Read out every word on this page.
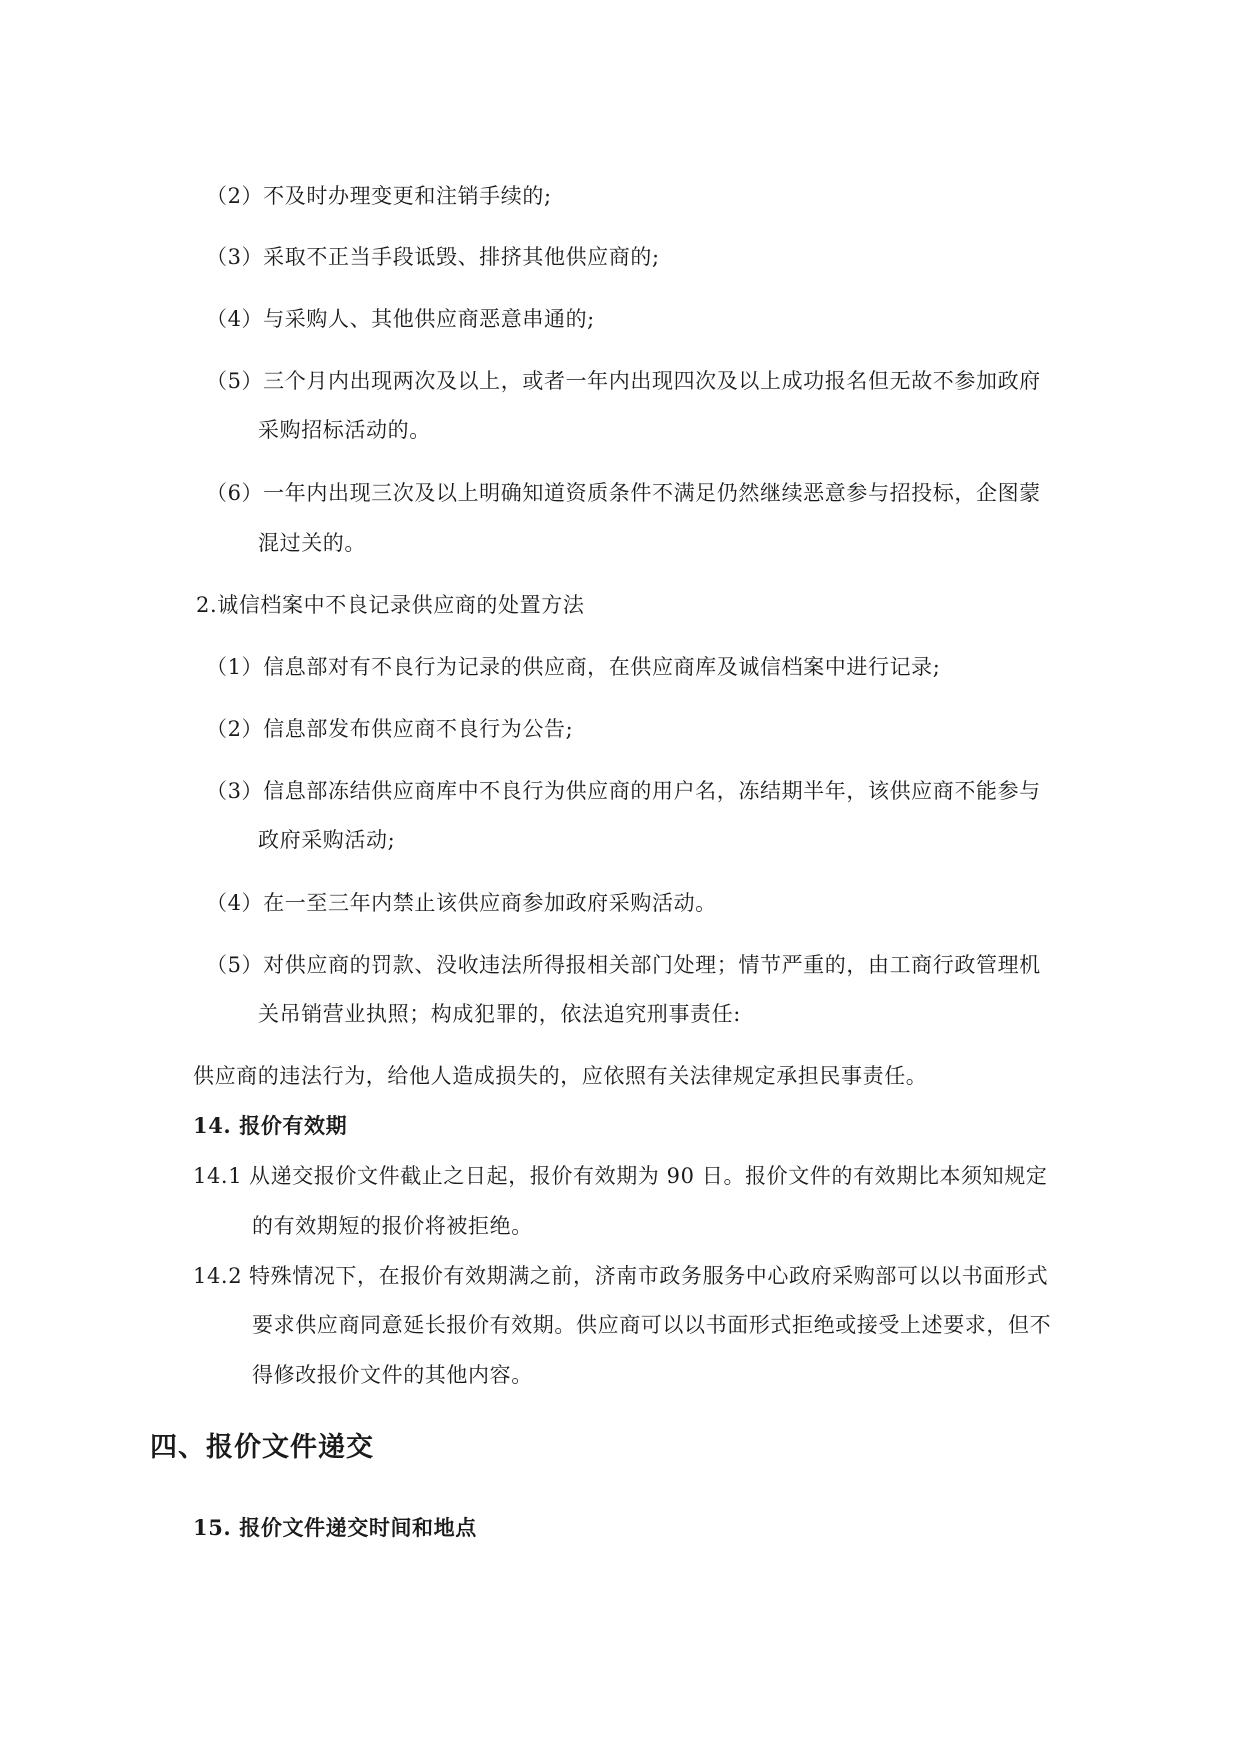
（2）不及时办理变更和注销手续的;
（3）采取不正当手段诋毁、排挤其他供应商的;
（4）与采购人、其他供应商恶意串通的;
（5）三个月内出现两次及以上，或者一年内出现四次及以上成功报名但无故不参加政府
采购招标活动的。
（6）一年内出现三次及以上明确知道资质条件不满足仍然继续恶意参与招投标，企图蒙
混过关的。
2.诚信档案中不良记录供应商的处置方法
（1）信息部对有不良行为记录的供应商，在供应商库及诚信档案中进行记录;
（2）信息部发布供应商不良行为公告;
（3）信息部冻结供应商库中不良行为供应商的用户名，冻结期半年，该供应商不能参与
政府采购活动;
（4）在一至三年内禁止该供应商参加政府采购活动。
（5）对供应商的罚款、没收违法所得报相关部门处理；情节严重的，由工商行政管理机
关吊销营业执照；构成犯罪的，依法追究刑事责任:
供应商的违法行为，给他人造成损失的，应依照有关法律规定承担民事责任。
14. 报价有效期
14.1 从递交报价文件截止之日起，报价有效期为 90 日。报价文件的有效期比本须知规定
的有效期短的报价将被拒绝。
14.2 特殊情况下，在报价有效期满之前，济南市政务服务中心政府采购部可以以书面形式
要求供应商同意延长报价有效期。供应商可以以书面形式拒绝或接受上述要求，但不
得修改报价文件的其他内容。
四、报价文件递交
15. 报价文件递交时间和地点
